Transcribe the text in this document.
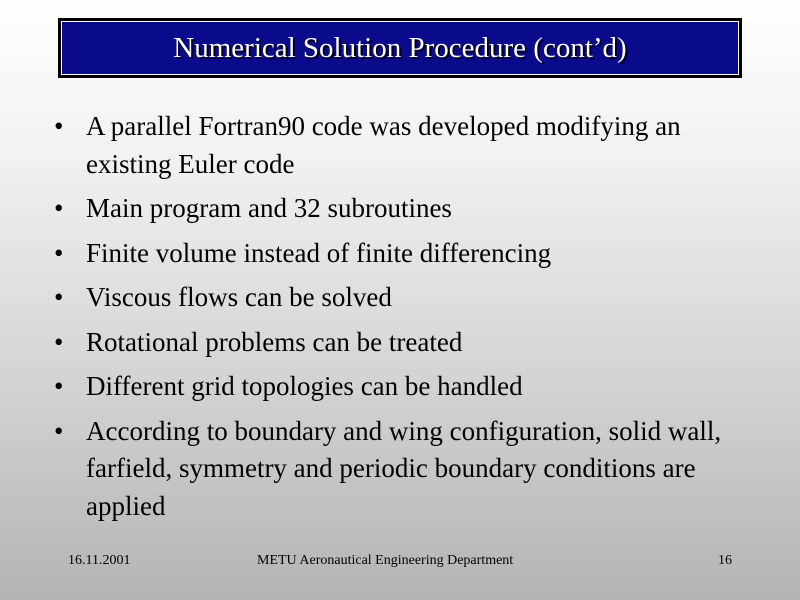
Numerical Solution Procedure (cont’d)
• A parallel Fortran90 code was developed modifying an existing Euler code
• Main program and 32 subroutines
• Finite volume instead of finite differencing
• Viscous flows can be solved
• Rotational problems can be treated
• Different grid topologies can be handled
• According to boundary and wing configuration, solid wall, farfield, symmetry and periodic boundary conditions are applied
16.11.2001	METU Aeronautical Engineering Department	16
